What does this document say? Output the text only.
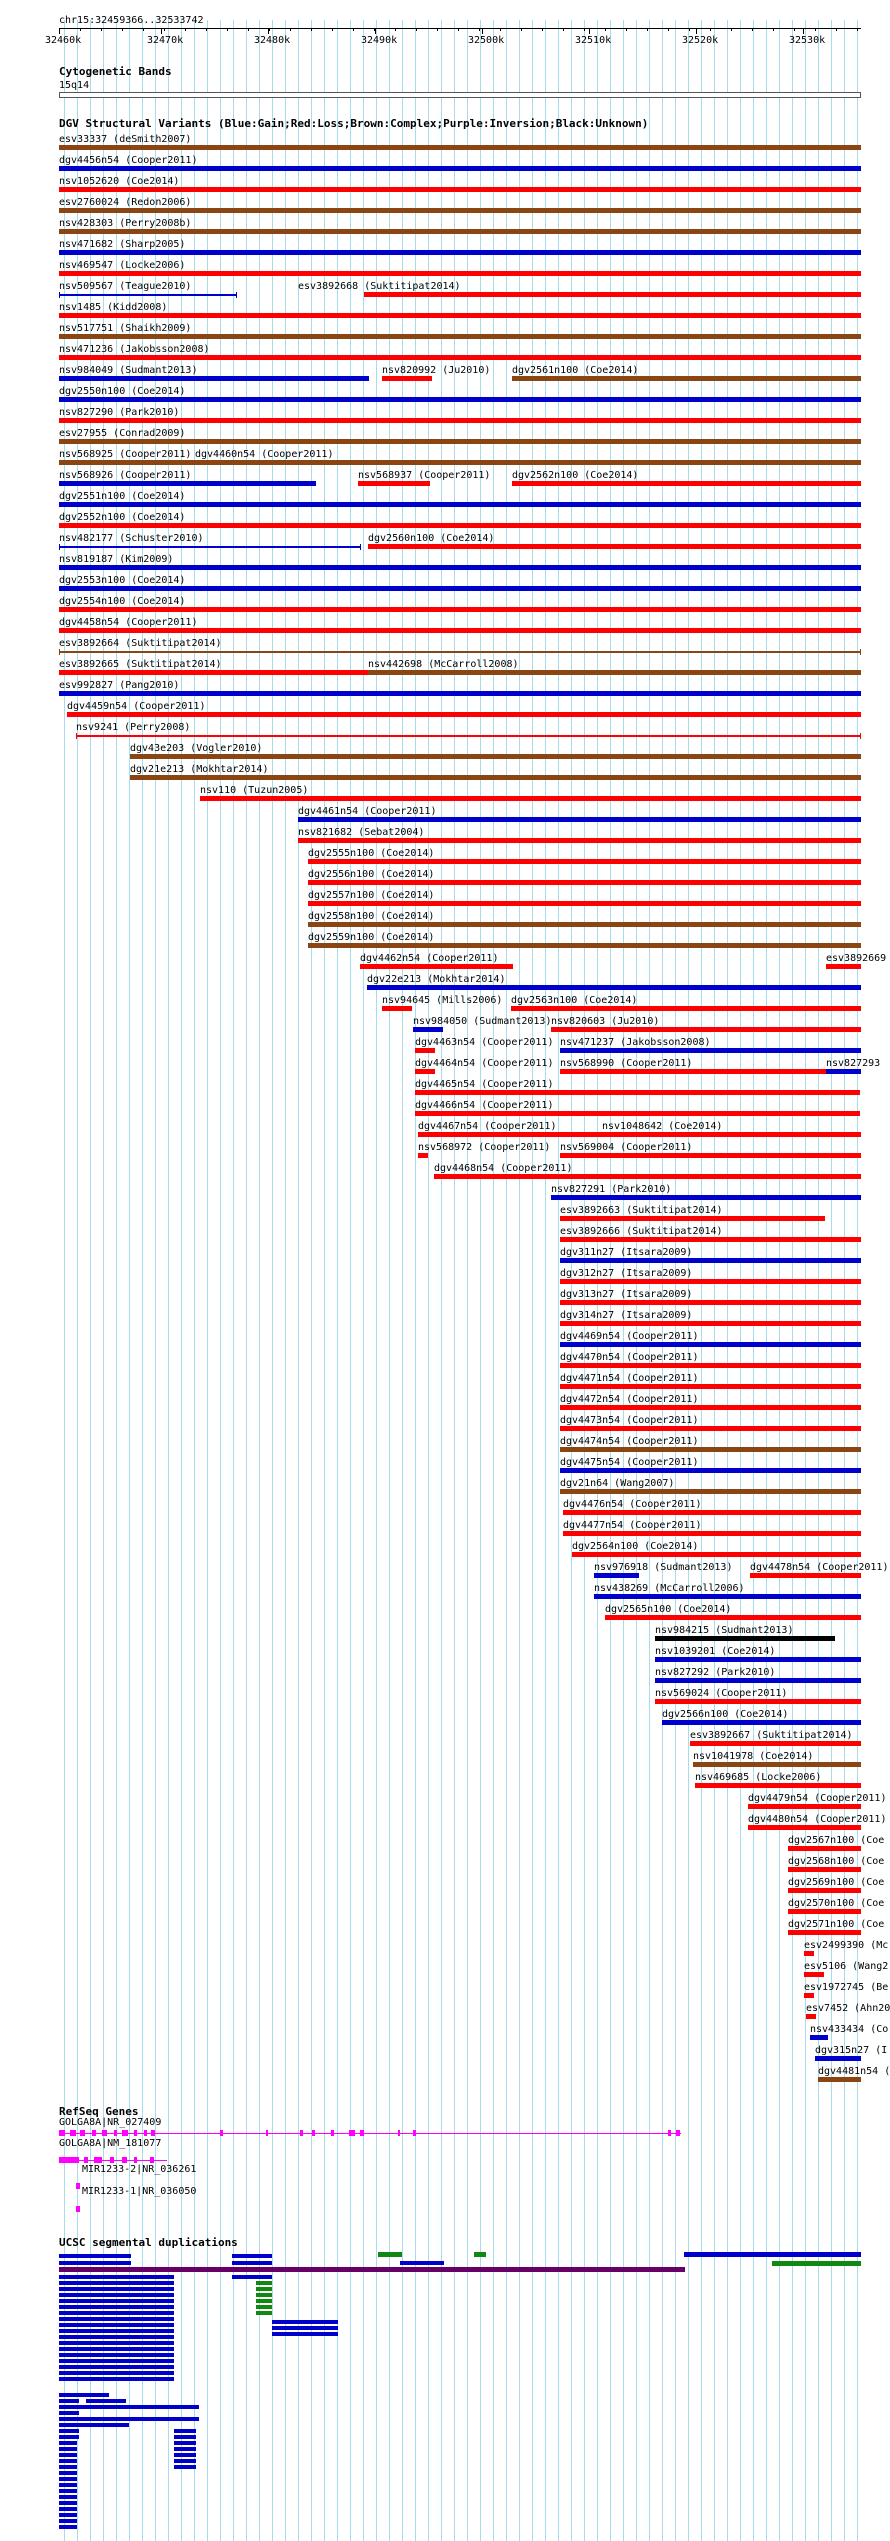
chr15:32459366..32533742
32460k	32470k	32480k	32490k	32500k	32510k	32520k	32530k
Cytogenetic Bands
15q14
DGV Structural Variants (Blue:Gain;Red:Loss;Brown:Complex;Purple:Inversion;Black:Unknown)
esv33337 (deSmith2007)
dgv4456n54 (Cooper2011)
nsv1052620 (Coe2014)
esv2760024 (Redon2006)
nsv428303 (Perry2008b)
nsv471682 (Sharp2005)
nsv469547 (Locke2006)
nsv509567 (Teague2010)	esv3892668 (Suktitipat2014)
nsv1485 (Kidd2008)
nsv517751 (Shaikh2009)
nsv471236 (Jakobsson2008)
nsv984049 (Sudmant2013)	nsv820992 (Ju2010) dgv2561n100 (Coe2014)
dgv2550n100 (Coe2014)
nsv827290 (Park2010)
esv27955 (Conrad2009)
nsv568925 (Cooper2011) dgv4460n54 (Cooper2011)
nsv568926 (Cooper2011)	nsv568937 (Cooper2011) dgv2562n100 (Coe2014)
dgv2551n100 (Coe2014)
dgv2552n100 (Coe2014)
nsv482177 (Schuster2010)	dgv2560n100 (Coe2014)
nsv819187 (Kim2009)
dgv2553n100 (Coe2014)
dgv2554n100 (Coe2014)
dgv4458n54 (Cooper2011)
esv3892664 (Suktitipat2014)
esv3892665 (Suktitipat2014)	nsv442698 (McCarroll2008)
esv992827 (Pang2010)
dgv4459n54 (Cooper2011)
nsv9241 (Perry2008)
dgv43e203 (Vogler2010)
dgv21e213 (Mokhtar2014)
nsv110 (Tuzun2005)
dgv4461n54 (Cooper2011)
nsv821682 (Sebat2004)
dgv2555n100 (Coe2014)
dgv2556n100 (Coe2014)
dgv2557n100 (Coe2014)
dgv2558n100 (Coe2014)
dgv2559n100 (Coe2014)
dgv4462n54 (Cooper2011)	esv3892669
dgv22e213 (Mokhtar2014)
nsv94645 (Mills2006) dgv2563n100 (Coe2014)
nsv984050 (Sudmant2013) nsv820603 (Ju2010)
dgv4463n54 (Cooper2011) nsv471237 (Jakobsson2008)
dgv4464n54 (Cooper2011) nsv568990 (Cooper2011)	nsv827293
dgv4465n54 (Cooper2011)
dgv4466n54 (Cooper2011)
dgv4467n54 (Cooper2011)	nsv1048642 (Coe2014)
nsv568972 (Cooper2011) nsv569004 (Cooper2011)
dgv4468n54 (Cooper2011)
nsv827291 (Park2010)
esv3892663 (Suktitipat2014)
esv3892666 (Suktitipat2014)
dgv311n27 (Itsara2009)
dgv312n27 (Itsara2009)
dgv313n27 (Itsara2009)
dgv314n27 (Itsara2009)
dgv4469n54 (Cooper2011)
dgv4470n54 (Cooper2011)
dgv4471n54 (Cooper2011)
dgv4472n54 (Cooper2011)
dgv4473n54 (Cooper2011)
dgv4474n54 (Cooper2011)
dgv4475n54 (Cooper2011)
dgv21n64 (Wang2007)
dgv4476n54 (Cooper2011)
dgv4477n54 (Cooper2011)
dgv2564n100 (Coe2014)
nsv976918 (Sudmant2013) dgv4478n54 (Cooper2011)
nsv438269 (McCarroll2006)
dgv2565n100 (Coe2014)
nsv984215 (Sudmant2013)
nsv1039201 (Coe2014)
nsv827292 (Park2010)
nsv569024 (Cooper2011)
dgv2566n100 (Coe2014)
esv3892667 (Suktitipat2014)
nsv1041978 (Coe2014)
nsv469685 (Locke2006)
dgv4479n54 (Cooper2011)
dgv4480n54 (Cooper2011)
dgv2567n100 (Coe
dgv2568n100 (Coe
dgv2569n100 (Coe
dgv2570n100 (Coe
dgv2571n100 (Coe
esv2499390 (Mc
esv5106 (Wang2
esv1972745 (Be
esv7452 (Ahn20
nsv433434 (Co
dgv315n27 (I
dgv4481n54 (
RefSeq Genes
GOLGA8A|NR_027409
GOLGA8A|NM_181077
MIR1233-2|NR_036261
MIR1233-1|NR_036050
UCSC segmental duplications
